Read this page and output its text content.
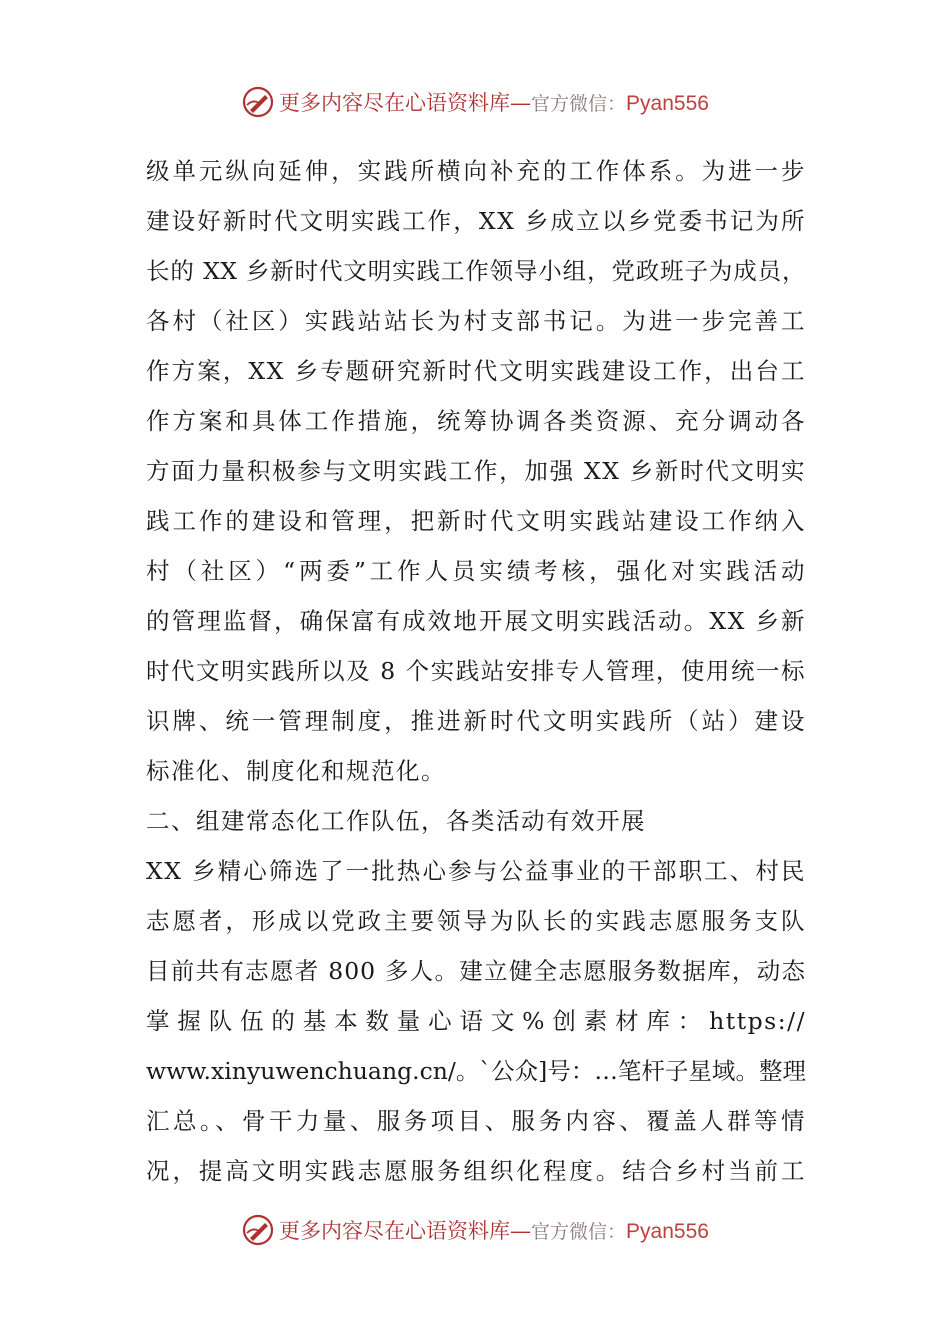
更多内容尽在心语资料库—官方微信：Pyan556
级单元纵向延伸，实践所横向补充的工作体系。为进一步
建设好新时代文明实践工作，XX 乡成立以乡党委书记为所
长的 XX 乡新时代文明实践工作领导小组，党政班子为成员，
各村（社区）实践站站长为村支部书记。为进一步完善工
作方案，XX 乡专题研究新时代文明实践建设工作，出台工
作方案和具体工作措施，统筹协调各类资源、充分调动各
方面力量积极参与文明实践工作，加强 XX 乡新时代文明实
践工作的建设和管理，把新时代文明实践站建设工作纳入
村（社区）“两委”工作人员实绩考核，强化对实践活动
的管理监督，确保富有成效地开展文明实践活动。XX 乡新
时代文明实践所以及 8 个实践站安排专人管理，使用统一标
识牌、统一管理制度，推进新时代文明实践所（站）建设
标准化、制度化和规范化。
二、组建常态化工作队伍，各类活动有效开展
XX 乡精心筛选了一批热心参与公益事业的干部职工、村民
志愿者，形成以党政主要领导为队长的实践志愿服务支队
目前共有志愿者 800 多人。建立健全志愿服务数据库，动态
掌握队伍的基本数量心语文%创素材库：https://
www.xinyuwenchuang.cn/。`公众]号：…笔杆子星域。整理
汇总。、骨干力量、服务项目、服务内容、覆盖人群等情
况，提高文明实践志愿服务组织化程度。结合乡村当前工
更多内容尽在心语资料库—官方微信：Pyan556
